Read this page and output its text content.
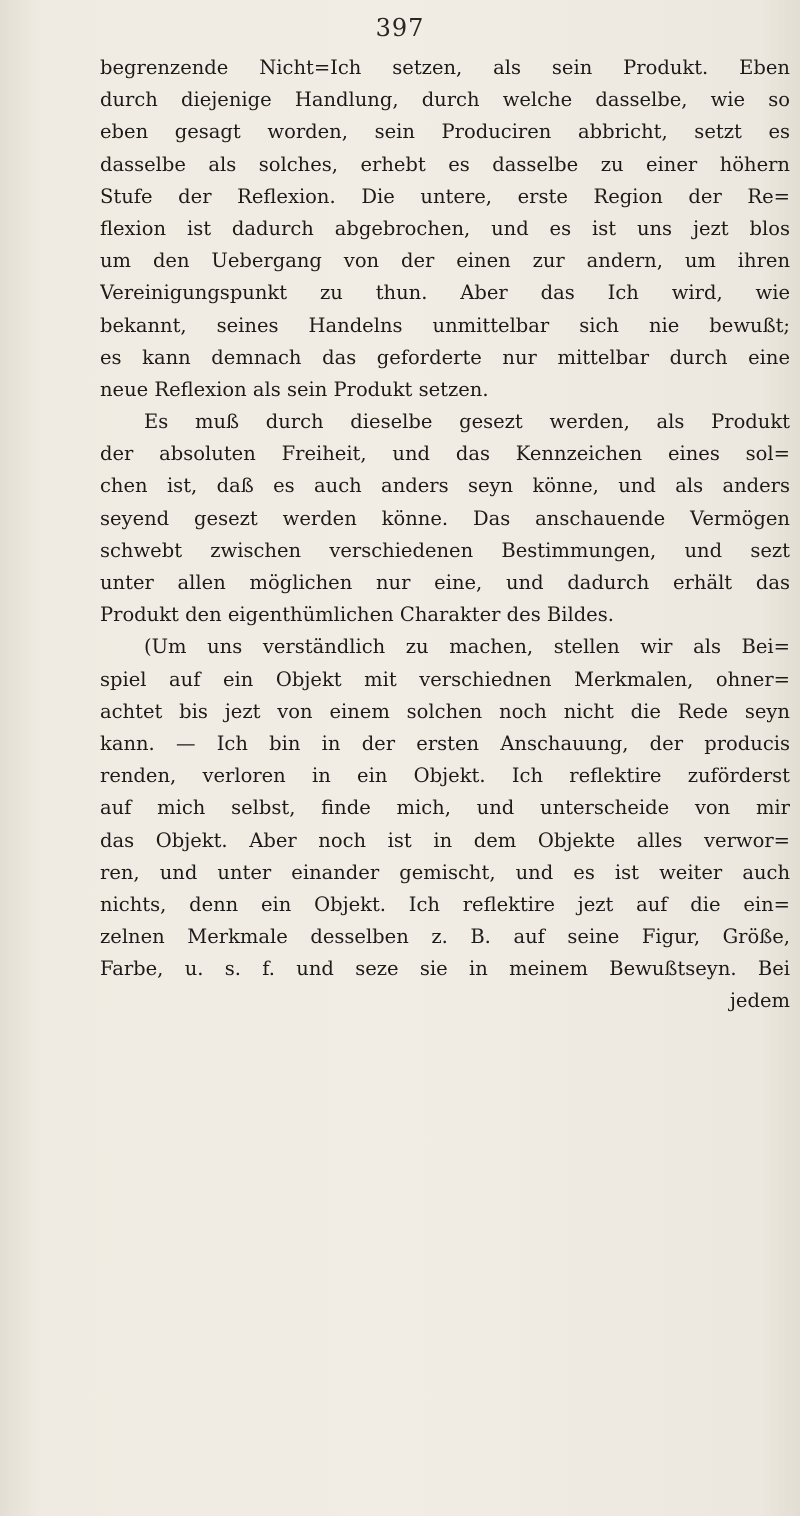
397
begrenzende Nicht=Ich setzen, als sein Produkt. Eben
durch diejenige Handlung, durch welche dasselbe, wie so
eben gesagt worden, sein Produciren abbricht, setzt es
dasselbe als solches, erhebt es dasselbe zu einer höhern
Stufe der Reflexion. Die untere, erste Region der Re=
flexion ist dadurch abgebrochen, und es ist uns jezt blos
um den Uebergang von der einen zur andern, um ihren
Vereinigungspunkt zu thun. Aber das Ich wird, wie
bekannt, seines Handelns unmittelbar sich nie bewußt;
es kann demnach das geforderte nur mittelbar durch eine
neue Reflexion als sein Produkt setzen.
Es muß durch dieselbe gesezt werden, als Produkt
der absoluten Freiheit, und das Kennzeichen eines sol=
chen ist, daß es auch anders seyn könne, und als anders
seyend gesezt werden könne. Das anschauende Vermögen
schwebt zwischen verschiedenen Bestimmungen, und sezt
unter allen möglichen nur eine, und dadurch erhält das
Produkt den eigenthümlichen Charakter des Bildes.
(Um uns verständlich zu machen, stellen wir als Bei=
spiel auf ein Objekt mit verschiednen Merkmalen, ohner=
achtet bis jezt von einem solchen noch nicht die Rede seyn
kann. — Ich bin in der ersten Anschauung, der producis
renden, verloren in ein Objekt. Ich reflektire zuförderst
auf mich selbst, finde mich, und unterscheide von mir
das Objekt. Aber noch ist in dem Objekte alles verwor=
ren, und unter einander gemischt, und es ist weiter auch
nichts, denn ein Objekt. Ich reflektire jezt auf die ein=
zelnen Merkmale desselben z. B. auf seine Figur, Größe,
Farbe, u. s. f. und seze sie in meinem Bewußtseyn. Bei
jedem
